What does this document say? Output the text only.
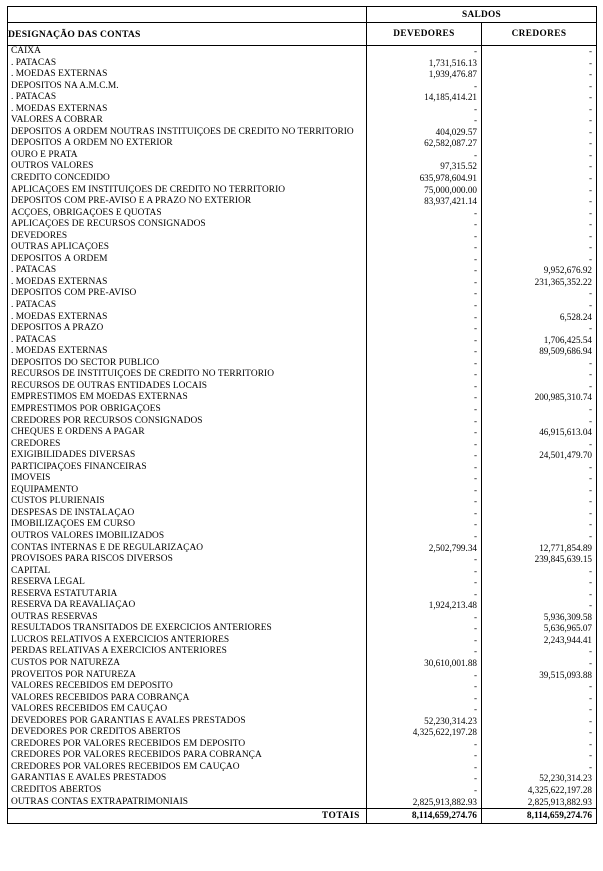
	SALDOS	
DESIGNAÇÃO DAS CONTAS	DEVEDORES	CREDORES
CAIXA	-	-
. PATACAS	1,731,516.13	-
. MOEDAS EXTERNAS	1,939,476.87	-
DEPÓSITOS NA A.M.C.M.	-	-
. PATACAS	14,185,414.21	-
. MOEDAS EXTERNAS	-	-
VALORES A COBRAR	-	-
DEPÓSITOS À ORDEM NOUTRAS INSTITUIÇÕES DE CRÉDITO NO TERRITÓRIO	404,029.57	-
DEPÓSITOS À ORDEM NO EXTERIOR	62,582,087.27	-
OURO E PRATA	-	-
OUTROS VALORES	97,315.52	-
CRÉDITO CONCEDIDO	635,978,604.91	-
APLICAÇÕES EM INSTITUIÇÕES DE CRÉDITO NO TERRITÓRIO	75,000,000.00	-
DEPÓSITOS COM PRÉ-AVISO E A PRAZO NO EXTERIOR	83,937,421.14	-
ACÇÕES, OBRIGAÇÕES E QUOTAS	-	-
APLICAÇÕES DE RECURSOS CONSIGNADOS	-	-
DEVEDORES	-	-
OUTRAS APLICAÇÕES	-	-
DEPÓSITOS À ORDEM	-	-
. PATACAS	-	9,952,676.92
. MOEDAS EXTERNAS	-	231,365,352.22
DEPÓSITOS COM PRÉ-AVISO	-	-
. PATACAS	-	-
. MOEDAS EXTERNAS	-	6,528.24
DEPÓSITOS A PRAZO	-	-
. PATACAS	-	1,706,425.54
. MOEDAS EXTERNAS	-	89,509,686.94
DEPÓSITOS DO SECTOR PÚBLICO	-	-
RECURSOS DE INSTITUIÇÕES DE CRÉDITO NO TERRITÓRIO	-	-
RECURSOS DE OUTRAS ENTIDADES LOCAIS	-	-
EMPRÉSTIMOS EM MOEDAS EXTERNAS	-	200,985,310.74
EMPRÉSTIMOS POR OBRIGAÇÕES	-	-
CREDORES POR RECURSOS CONSIGNADOS	-	-
CHEQUES E ORDENS A PAGAR	-	46,915,613.04
CREDORES	-	-
EXIGIBILIDADES DIVERSAS	-	24,501,479.70
PARTICIPAÇÕES FINANCEIRAS	-	-
IMÓVEIS	-	-
EQUIPAMENTO	-	-
CUSTOS PLURIENAIS	-	-
DESPESAS DE INSTALAÇÃO	-	-
IMOBILIZAÇÕES EM CURSO	-	-
OUTROS VALORES IMOBILIZADOS	-	-
CONTAS INTERNAS E DE REGULARIZAÇÃO	2,502,799.34	12,771,854.89
PROVISÕES PARA RISCOS DIVERSOS	-	239,845,639.15
CAPITAL	-	-
RESERVA LEGAL	-	-
RESERVA ESTATUTÁRIA	-	-
RESERVA DA REAVALIAÇÃO	1,924,213.48	-
OUTRAS RESERVAS	-	5,936,309.58
RESULTADOS TRANSITADOS DE EXERCÍCIOS ANTERIORES	-	5,636,965.07
LUCROS RELATIVOS A EXERCÍCIOS ANTERIORES	-	2,243,944.41
PERDAS RELATIVAS A EXERCÍCIOS ANTERIORES	-	-
CUSTOS POR NATUREZA	30,610,001.88	-
PROVEITOS POR NATUREZA	-	39,515,093.88
VALORES RECEBIDOS EM DEPÓSITO	-	-
VALORES RECEBIDOS PARA COBRANÇA	-	-
VALORES RECEBIDOS EM CAUÇÃO	-	-
DEVEDORES POR GARANTIAS E AVALES PRESTADOS	52,230,314.23	-
DEVEDORES POR CRÉDITOS ABERTOS	4,325,622,197.28	-
CREDORES POR VALORES RECEBIDOS EM DEPÓSITO	-	-
CREDORES POR VALORES RECEBIDOS PARA COBRANÇA	-	-
CREDORES POR VALORES RECEBIDOS EM CAUÇÃO	-	-
GARANTIAS E AVALES PRESTADOS	-	52,230,314.23
CRÉDITOS ABERTOS	-	4,325,622,197.28
OUTRAS CONTAS EXTRAPATRIMONIAIS	2,825,913,882.93	2,825,913,882.93
TOTAIS	8,114,659,274.76	8,114,659,274.76
